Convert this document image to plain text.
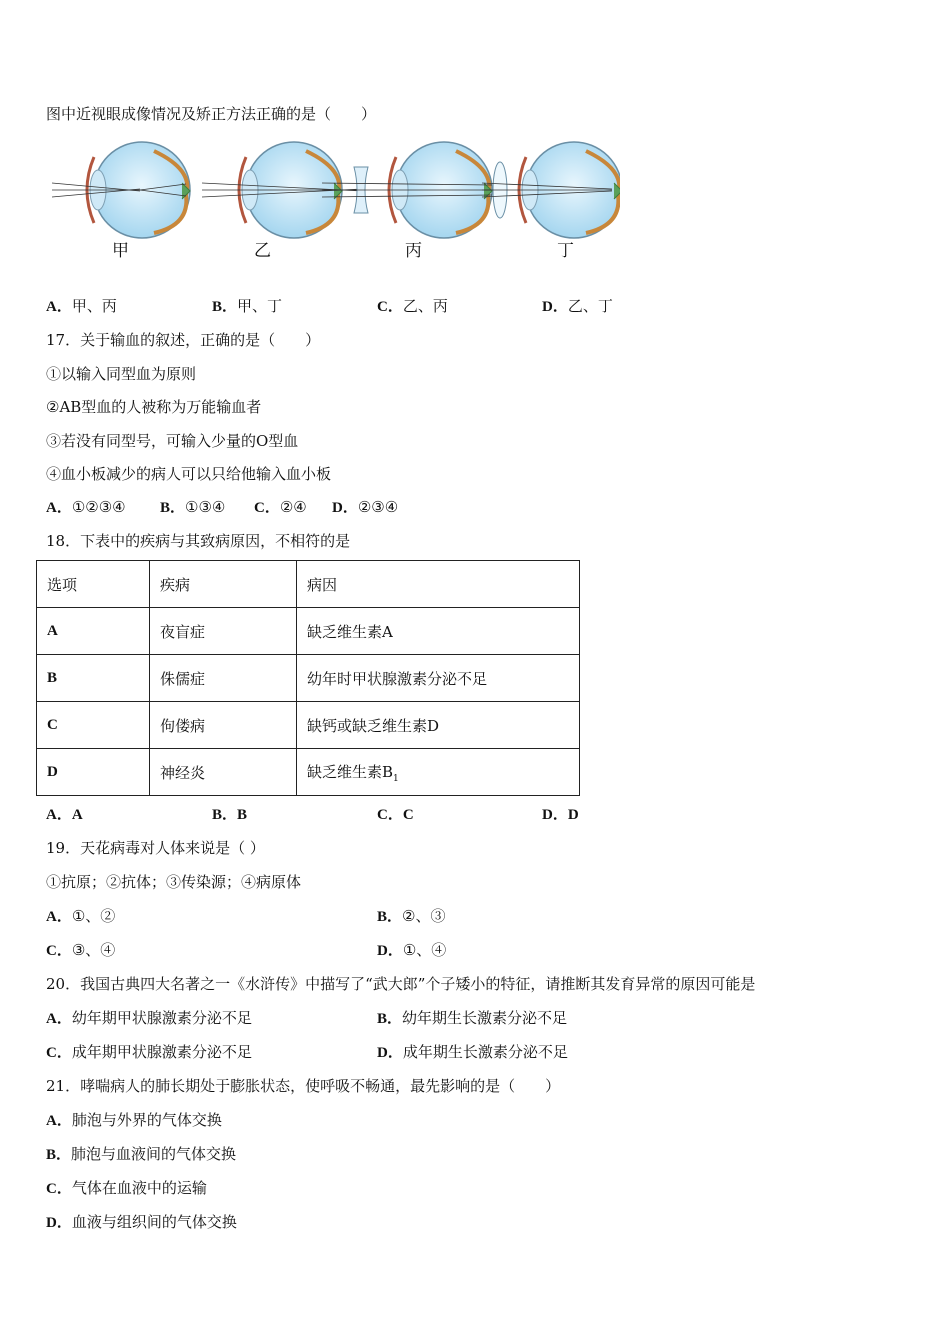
图中近视眼成像情况及矫正方法正确的是（　　）
甲	乙	丙	丁
A．甲、丙	B．甲、丁	C．乙、丙	D．乙、丁
17．关于输血的叙述，正确的是（　　）
①以输入同型血为原则
②AB型血的人被称为万能输血者
③若没有同型号，可输入少量的O型血
④血小板减少的病人可以只给他输入血小板
A．①②③④ B．①③④ C．②④ D．②③④
18．下表中的疾病与其致病原因，不相符的是
选项	疾病	病因
A	夜盲症	缺乏维生素A
B	侏儒症	幼年时甲状腺激素分泌不足
C	佝偻病	缺钙或缺乏维生素D
D	神经炎	缺乏维生素$B_1$
A．A	B．B	C．C	D．D
19．天花病毒对人体来说是（ ）
①抗原；②抗体；③传染源；④病原体
A．①、②	B．②、③
C．③、④	D．①、④
20．我国古典四大名著之一《水浒传》中描写了“武大郎”个子矮小的特征，请推断其发育异常的原因可能是
A．幼年期甲状腺激素分泌不足	B．幼年期生长激素分泌不足
C．成年期甲状腺激素分泌不足	D．成年期生长激素分泌不足
21．哮喘病人的肺长期处于膨胀状态，使呼吸不畅通，最先影响的是（　　）
A．肺泡与外界的气体交换
B．肺泡与血液间的气体交换
C．气体在血液中的运输
D．血液与组织间的气体交换
